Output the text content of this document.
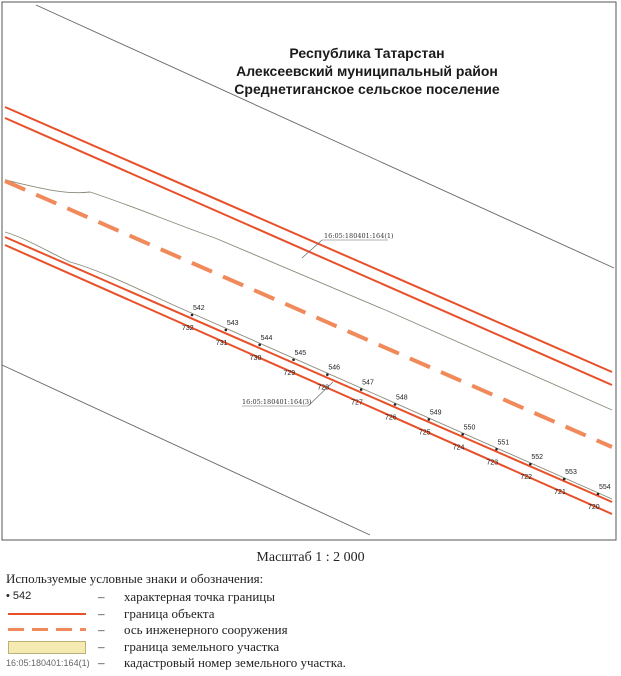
16:05:180401:164(1)
16:05:180401:164(3)
542
732
543
731
544
730
545
729
546
728
547
727
548
726
549
725
550
724
551
723
552
722
553
721
554
720
Республика Татарстан
Алексеевский муниципальный район
Среднетиганское сельское поселение
Масштаб 1 : 2 000
Используемые условные знаки и обозначения:
• 542	– характерная точка границы
– граница объекта
– ось инженерного сооружения
– граница земельного участка
16:05:180401:164(1) – кадастровый номер земельного участка.
